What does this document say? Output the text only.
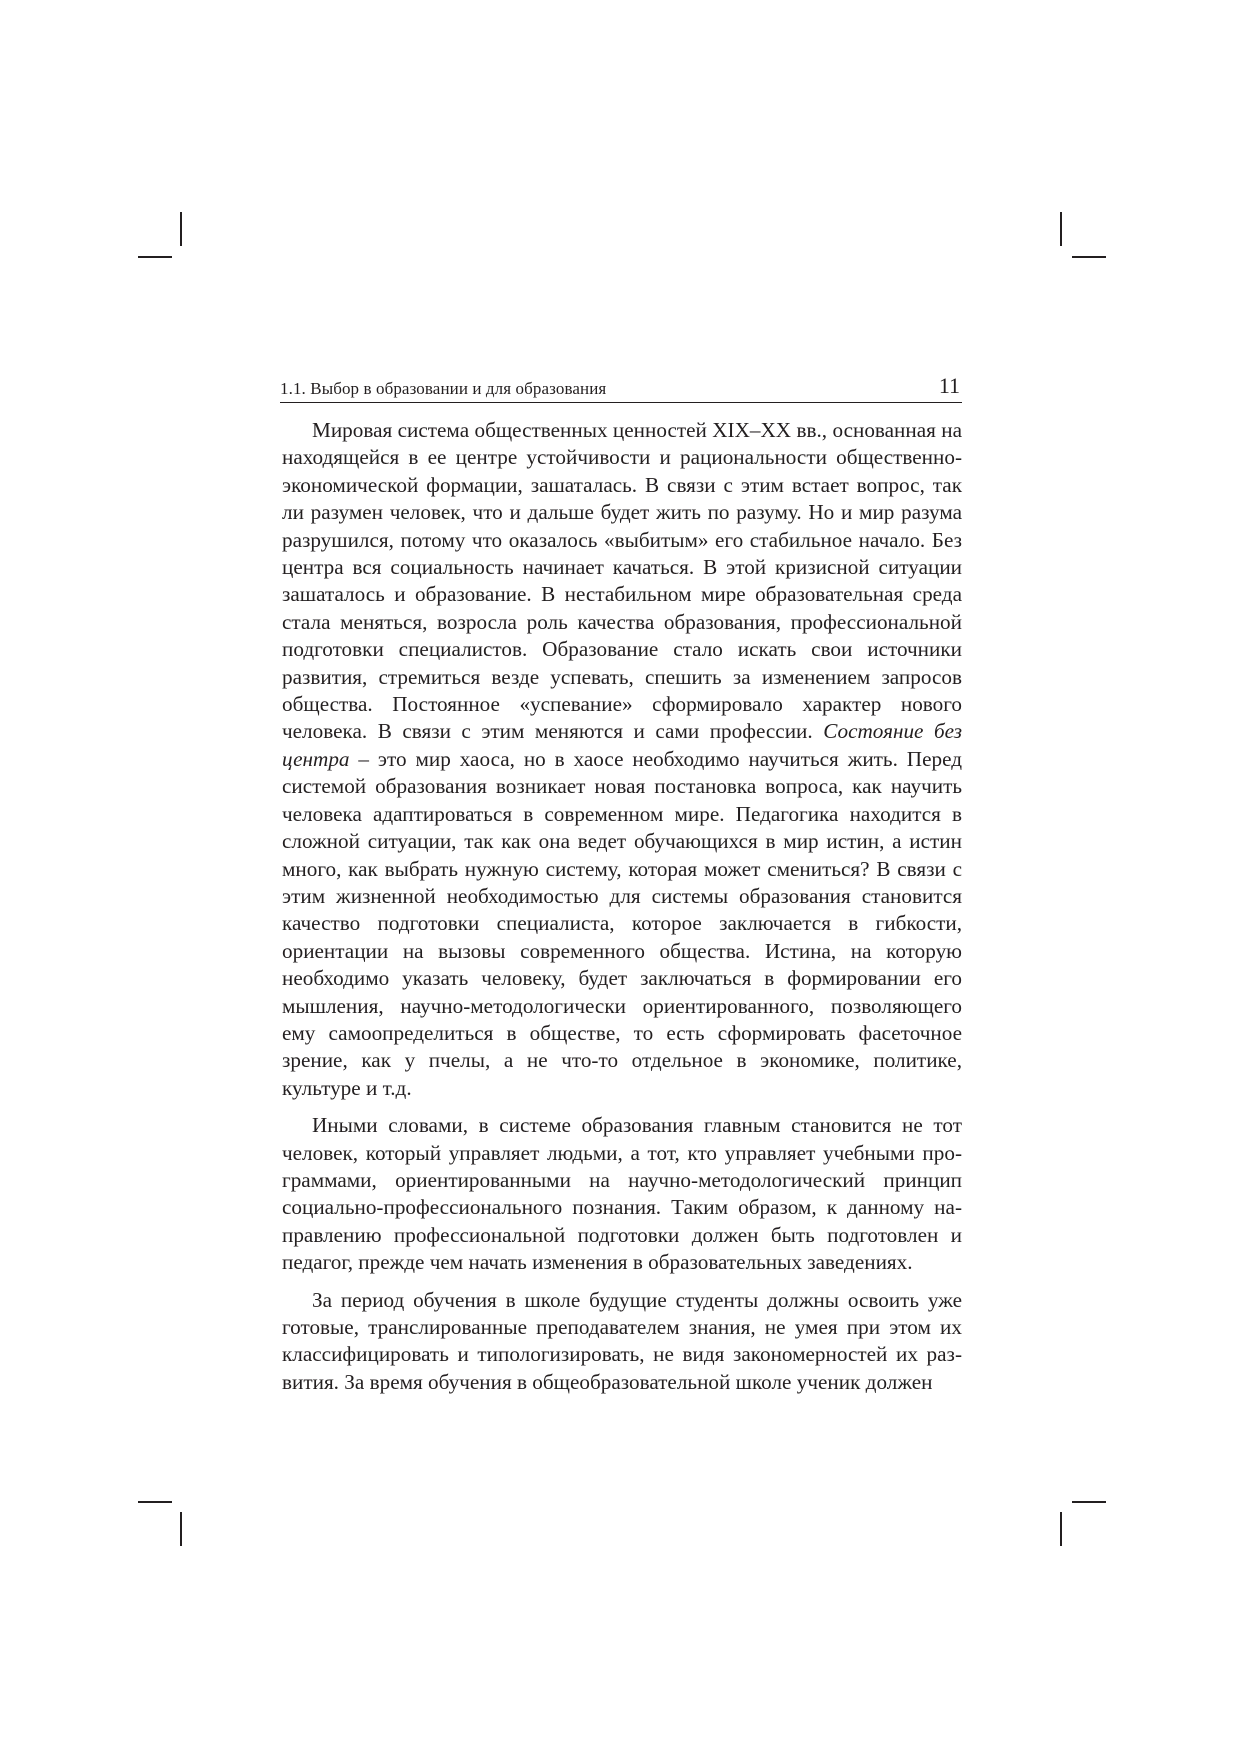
1.1. Выбор в образовании и для образования	11

Мировая система общественных ценностей XIX–XX вв., основанная на находящейся в ее центре устойчивости и рациональности общественно-экономической формации, зашаталась. В связи с этим встает вопрос, так ли разумен человек, что и дальше будет жить по разуму. Но и мир разума разрушился, потому что оказалось «выбитым» его стабильное начало. Без центра вся социальность начинает качаться. В этой кризисной ситуации зашаталось и образование. В нестабильном мире образовательная среда стала меняться, возросла роль качества образования, профессиональной подготовки специалистов. Образование стало искать свои источники развития, стремиться везде успевать, спешить за изменением запросов общества. Постоянное «успевание» сформировало характер нового человека. В связи с этим меняются и сами профессии. Состояние без центра – это мир хаоса, но в хаосе необходимо научиться жить. Перед системой образования возникает новая постановка вопроса, как научить человека адаптироваться в современном мире. Педагогика находится в сложной ситуации, так как она ведет обучающихся в мир истин, а истин много, как выбрать нужную систему, которая может смениться? В связи с этим жизненной необходимостью для системы образования становится качество подготовки специалиста, которое заключается в гибкости, ориентации на вызовы современного общества. Истина, на которую необходимо указать человеку, будет заключаться в формировании его мышления, научно-методологически ориентированного, позволяющего ему самоопределиться в обществе, то есть сформировать фасеточное зрение, как у пчелы, а не что-то отдельное в экономике, политике, культуре и т.д.

Иными словами, в системе образования главным становится не тот человек, который управляет людьми, а тот, кто управляет учебными программами, ориентированными на научно-методологический принцип социально-профессионального познания. Таким образом, к данному направлению профессиональной подготовки должен быть подготовлен и педагог, прежде чем начать изменения в образовательных заведениях.

За период обучения в школе будущие студенты должны освоить уже готовые, транслированные преподавателем знания, не умея при этом их классифицировать и типологизировать, не видя закономерностей их развития. За время обучения в общеобразовательной школе ученик должен
